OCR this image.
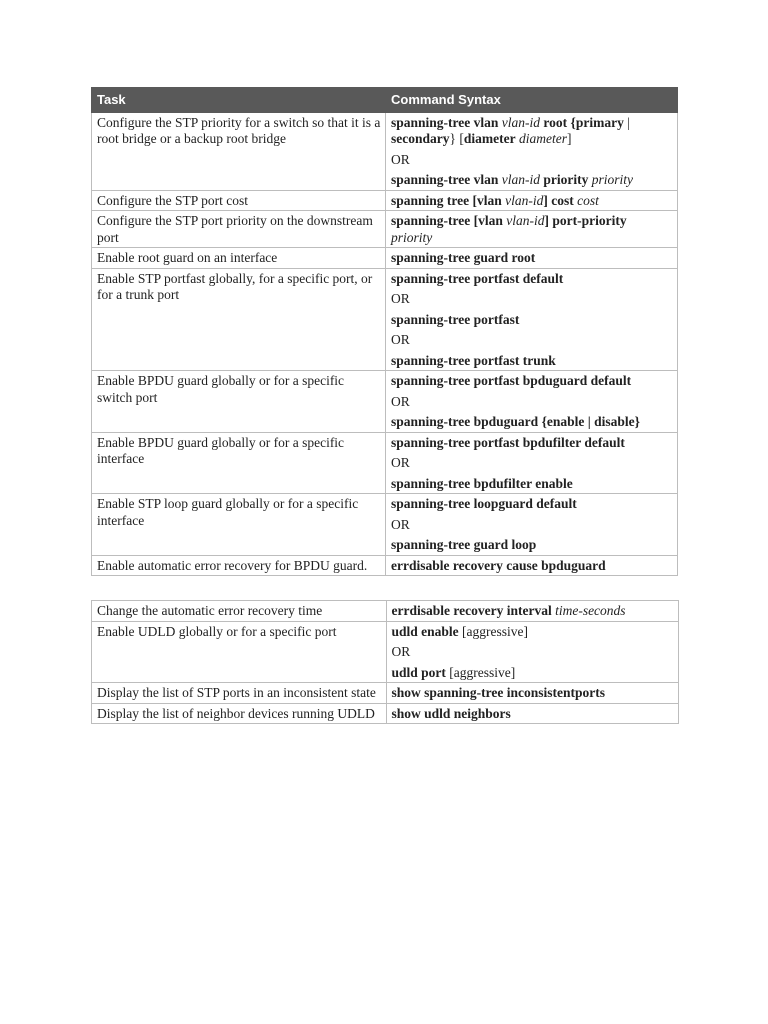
Task	Command Syntax
Configure the STP priority for a switch so that it is a root bridge or a backup root bridge	spanning-tree vlan vlan-id root {primary |
secondary} [diameter diameter]
OR
spanning-tree vlan vlan-id priority priority

Configure the STP port cost	spanning tree [vlan vlan-id] cost cost
Configure the STP port priority on the downstream port	spanning-tree [vlan vlan-id] port-priority
priority

Enable root guard on an interface	spanning-tree guard root
Enable STP portfast globally, for a specific port, or for a trunk port	spanning-tree portfast default
OR
spanning-tree portfast
OR
spanning-tree portfast trunk

Enable BPDU guard globally or for a specific switch port	spanning-tree portfast bpduguard default
OR
spanning-tree bpduguard {enable | disable}

Enable BPDU guard globally or for a specific interface	spanning-tree portfast bpdufilter default
OR
spanning-tree bpdufilter enable

Enable STP loop guard globally or for a specific interface	spanning-tree loopguard default
OR
spanning-tree guard loop

Enable automatic error recovery for BPDU guard.	errdisable recovery cause bpduguard
Change the automatic error recovery time	errdisable recovery interval time-seconds
Enable UDLD globally or for a specific port	udld enable [aggressive]
OR
udld port [aggressive]

Display the list of STP ports in an inconsistent state	show spanning-tree inconsistentports
Display the list of neighbor devices running UDLD	show udld neighbors
